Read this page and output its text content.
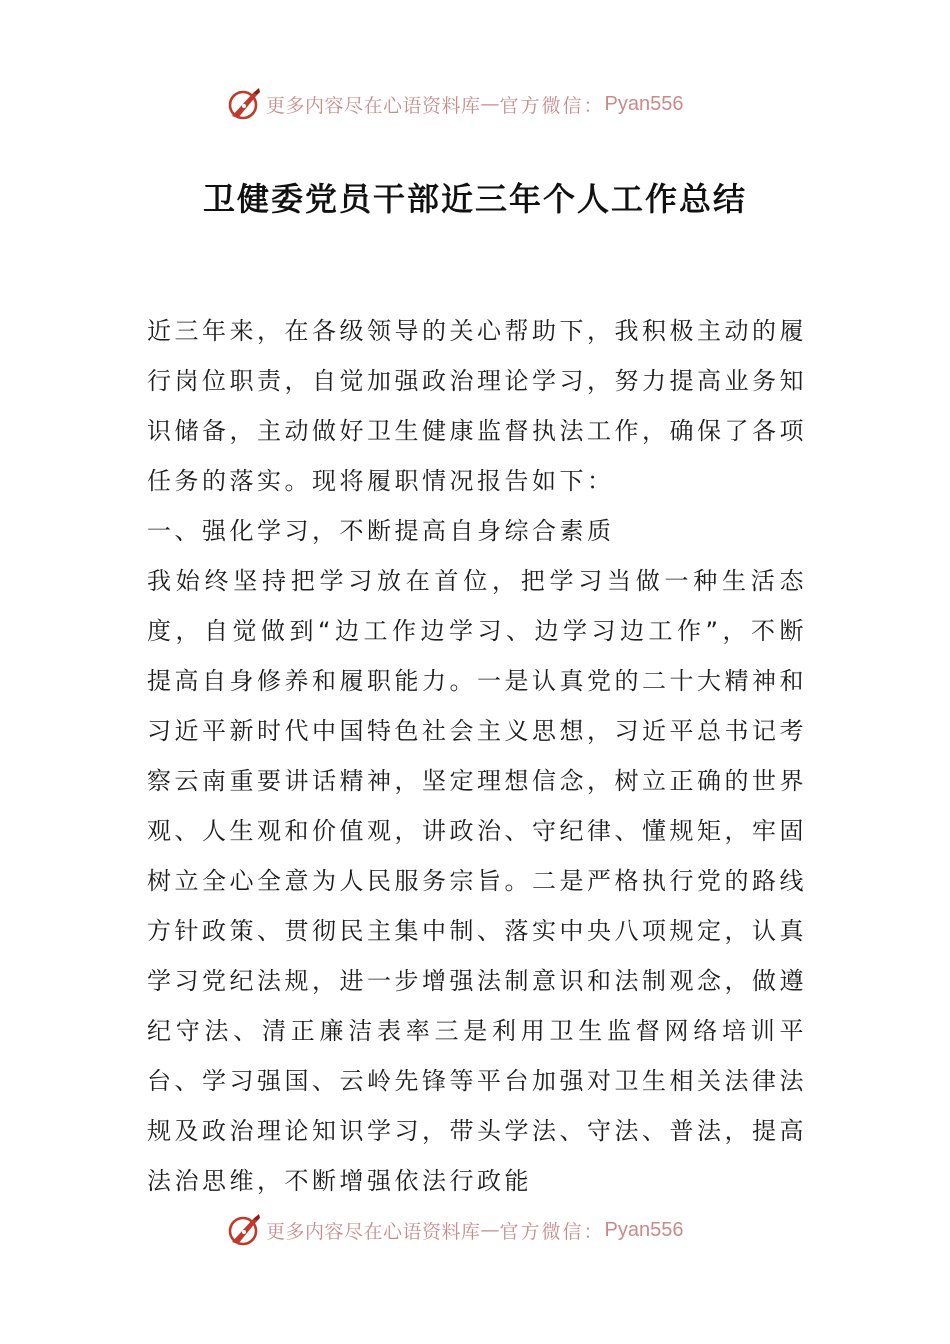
更多内容尽在心语资料库 — 官方微信： Pyan556
卫健委党员干部近三年个人工作总结

近三年来，在各级领导的关心帮助下，我积极主动的履行岗位职责，自觉加强政治理论学习，努力提高业务知识储备，主动做好卫生健康监督执法工作，确保了各项任务的落实。现将履职情况报告如下：

一、强化学习，不断提高自身综合素质

我始终坚持把学习放在首位，把学习当做一种生活态度，自觉做到“边工作边学习、边学习边工作”，不断提高自身修养和履职能力。一是认真党的二十大精神和习近平新时代中国特色社会主义思想，习近平总书记考察云南重要讲话精神，坚定理想信念，树立正确的世界观、人生观和价值观，讲政治、守纪律、懂规矩，牢固树立全心全意为人民服务宗旨。二是严格执行党的路线方针政策、贯彻民主集中制、落实中央八项规定，认真学习党纪法规，进一步增强法制意识和法制观念，做遵纪守法、清正廉洁表率三是利用卫生监督网络培训平台、学习强国、云岭先锋等平台加强对卫生相关法律法规及政治理论知识学习，带头学法、守法、普法，提高法治思维，不断增强依法行政能

更多内容尽在心语资料库 — 官方微信： Pyan556
